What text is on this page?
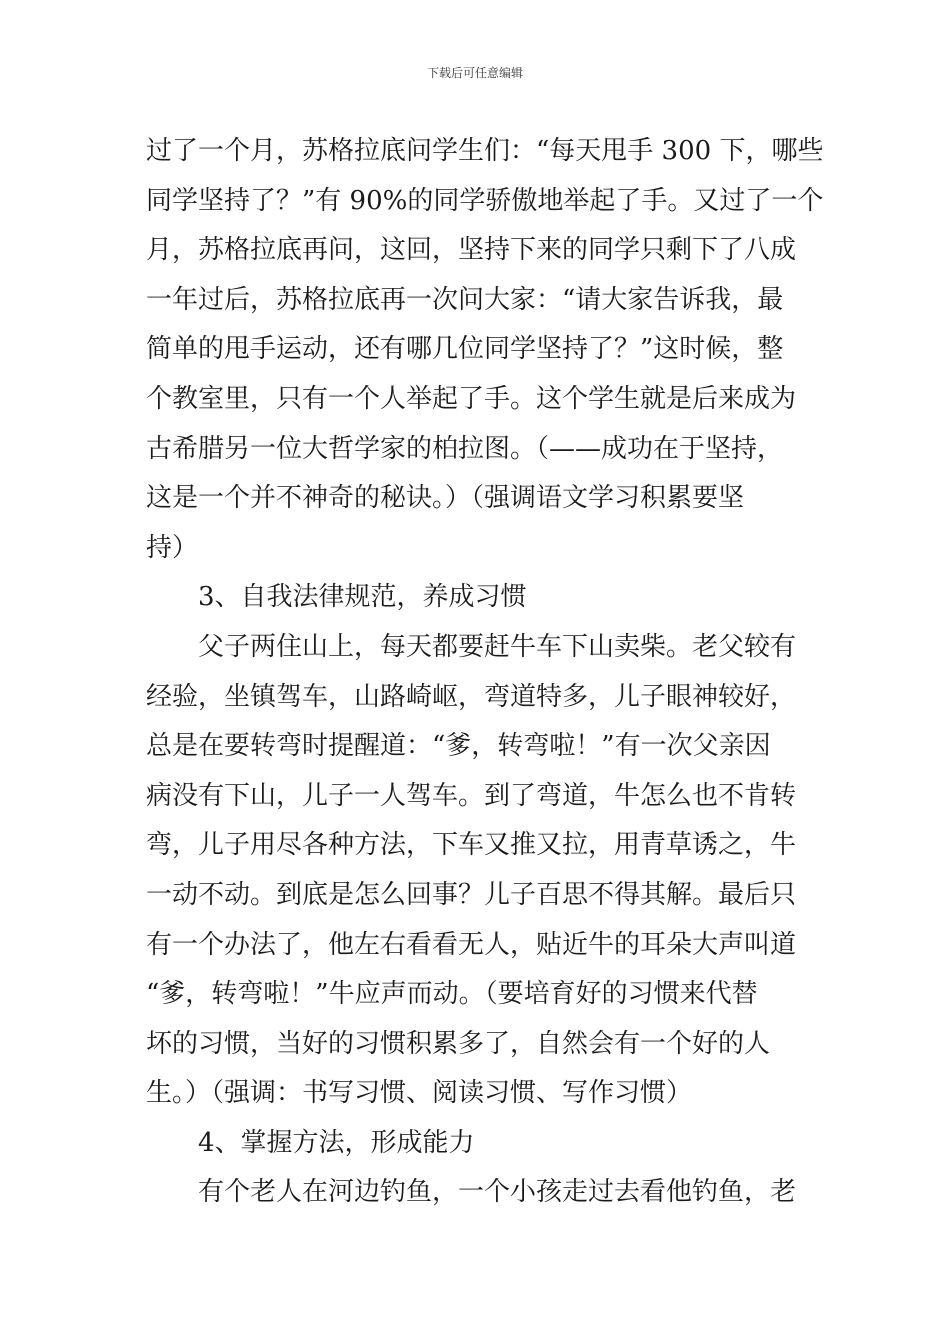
下载后可任意编辑

过了一个月，苏格拉底问学生们：“每天甩手 300 下，哪些
同学坚持了？”有 90%的同学骄傲地举起了手。又过了一个
月，苏格拉底再问，这回，坚持下来的同学只剩下了八成
一年过后，苏格拉底再一次问大家：“请大家告诉我，最
简单的甩手运动，还有哪几位同学坚持了？”这时候，整
个教室里，只有一个人举起了手。这个学生就是后来成为
古希腊另一位大哲学家的柏拉图。（——成功在于坚持，
这是一个并不神奇的秘诀。）（强调语文学习积累要坚
持）

3、自我法律规范，养成习惯

父子两住山上，每天都要赶牛车下山卖柴。老父较有
经验，坐镇驾车，山路崎岖，弯道特多，儿子眼神较好，
总是在要转弯时提醒道：“爹，转弯啦！”有一次父亲因
病没有下山，儿子一人驾车。到了弯道，牛怎么也不肯转
弯，儿子用尽各种方法，下车又推又拉，用青草诱之，牛
一动不动。到底是怎么回事？儿子百思不得其解。最后只
有一个办法了，他左右看看无人，贴近牛的耳朵大声叫道
“爹，转弯啦！”牛应声而动。（要培育好的习惯来代替
坏的习惯，当好的习惯积累多了，自然会有一个好的人
生。）（强调：书写习惯、阅读习惯、写作习惯）

4、掌握方法，形成能力

有个老人在河边钓鱼，一个小孩走过去看他钓鱼，老
